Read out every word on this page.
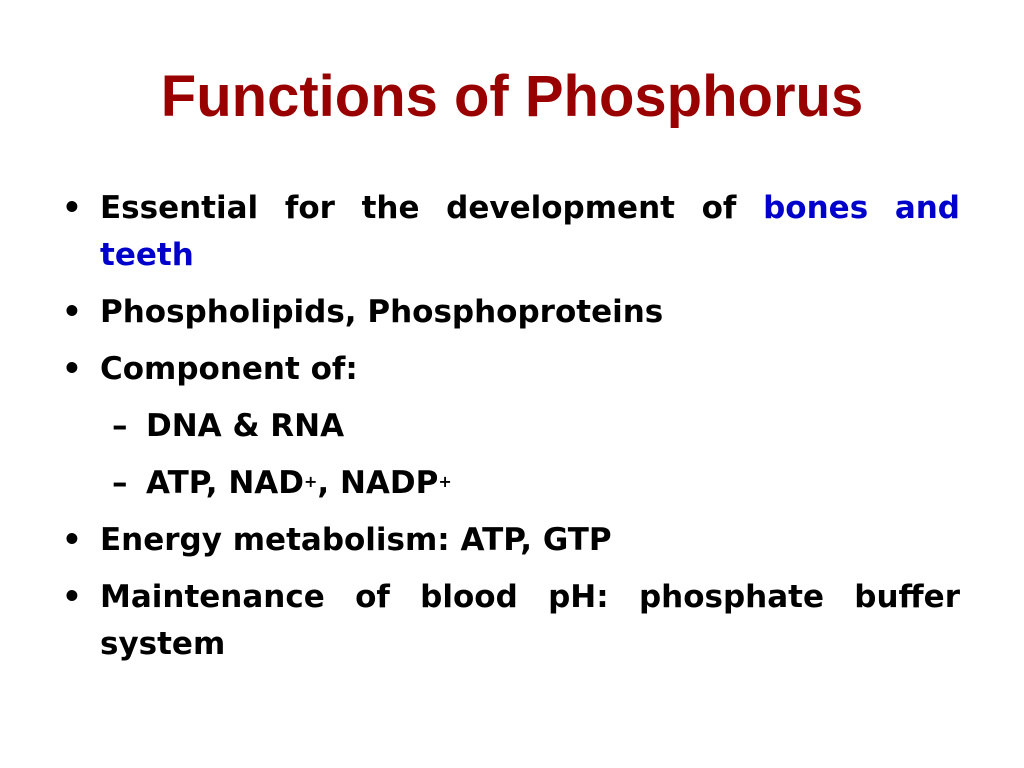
Functions of Phosphorus
• Essential for the development of bones and teeth
• Phospholipids, Phosphoproteins
• Component of:
– DNA & RNA
– ATP, NAD+, NADP+
• Energy metabolism: ATP, GTP
• Maintenance of blood pH: phosphate buffer system
